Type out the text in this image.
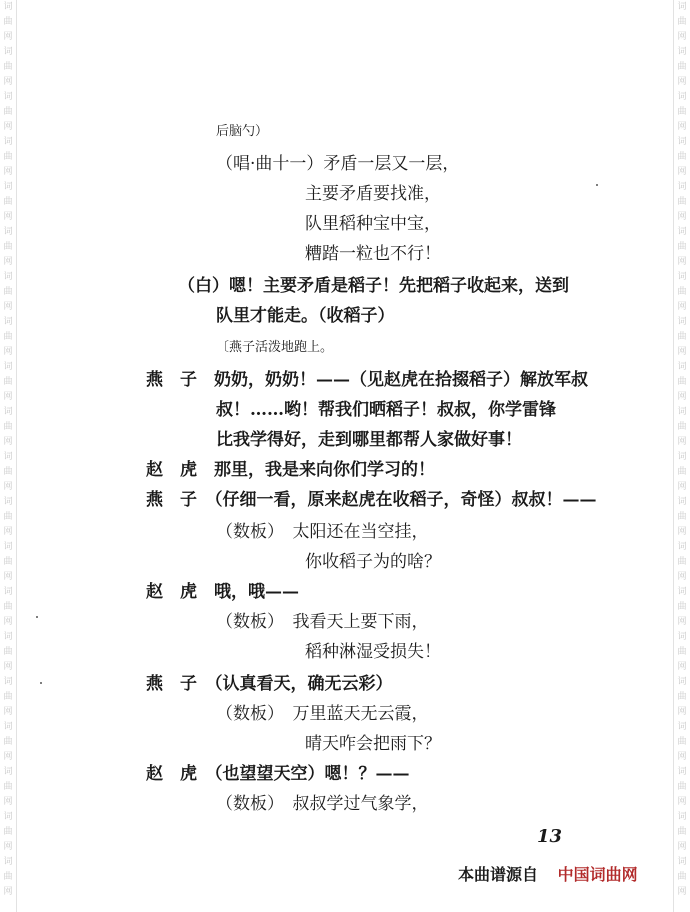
词
曲
网
词
曲
网
词
曲
网
词
曲
网
词
曲
网
词
曲
网
词
曲
网
词
曲
网
词
曲
网
词
曲
网
词
曲
网
词
曲
网
词
曲
网
词
曲
网
词
曲
网
词
曲
网
词
曲
网
词
曲
网
词
曲
网
词
曲
网
词
曲
网
词
曲
网
词
曲
网
词
曲
网
词
曲
网
词
曲
网
词
曲
网
词
曲
网
词
曲
网
词
曲
网
词
曲
网
词
曲
网
词
曲
网
词
曲
网
词
曲
网
词
曲
网
词
曲
网
词
曲
网
词
曲
网
词
曲
网
后脑勺）
（唱·曲十一）矛盾一层又一层，
主要矛盾要找准，
队里稻种宝中宝，
糟踏一粒也不行！
（白）嗯！主要矛盾是稻子！先把稻子收起来，送到
队里才能走。（收稻子）
〔燕子活泼地跑上。
燕　子　奶奶，奶奶！——（见赵虎在拾掇稻子）解放军叔
叔！……哟！帮我们晒稻子！叔叔，你学雷锋
比我学得好，走到哪里都帮人家做好事！
赵　虎　那里，我是来向你们学习的！
燕　子　（仔细一看，原来赵虎在收稻子，奇怪）叔叔！——
（数板）　太阳还在当空挂，
你收稻子为的啥？
赵　虎　哦，哦——
（数板）　我看天上要下雨，
稻种淋湿受损失！
燕　子　（认真看天，确无云彩）
（数板）　万里蓝天无云霞，
晴天咋会把雨下？
赵　虎　（也望望天空）嗯！？——
（数板）　叔叔学过气象学，
13
本曲谱源自 中国词曲网
